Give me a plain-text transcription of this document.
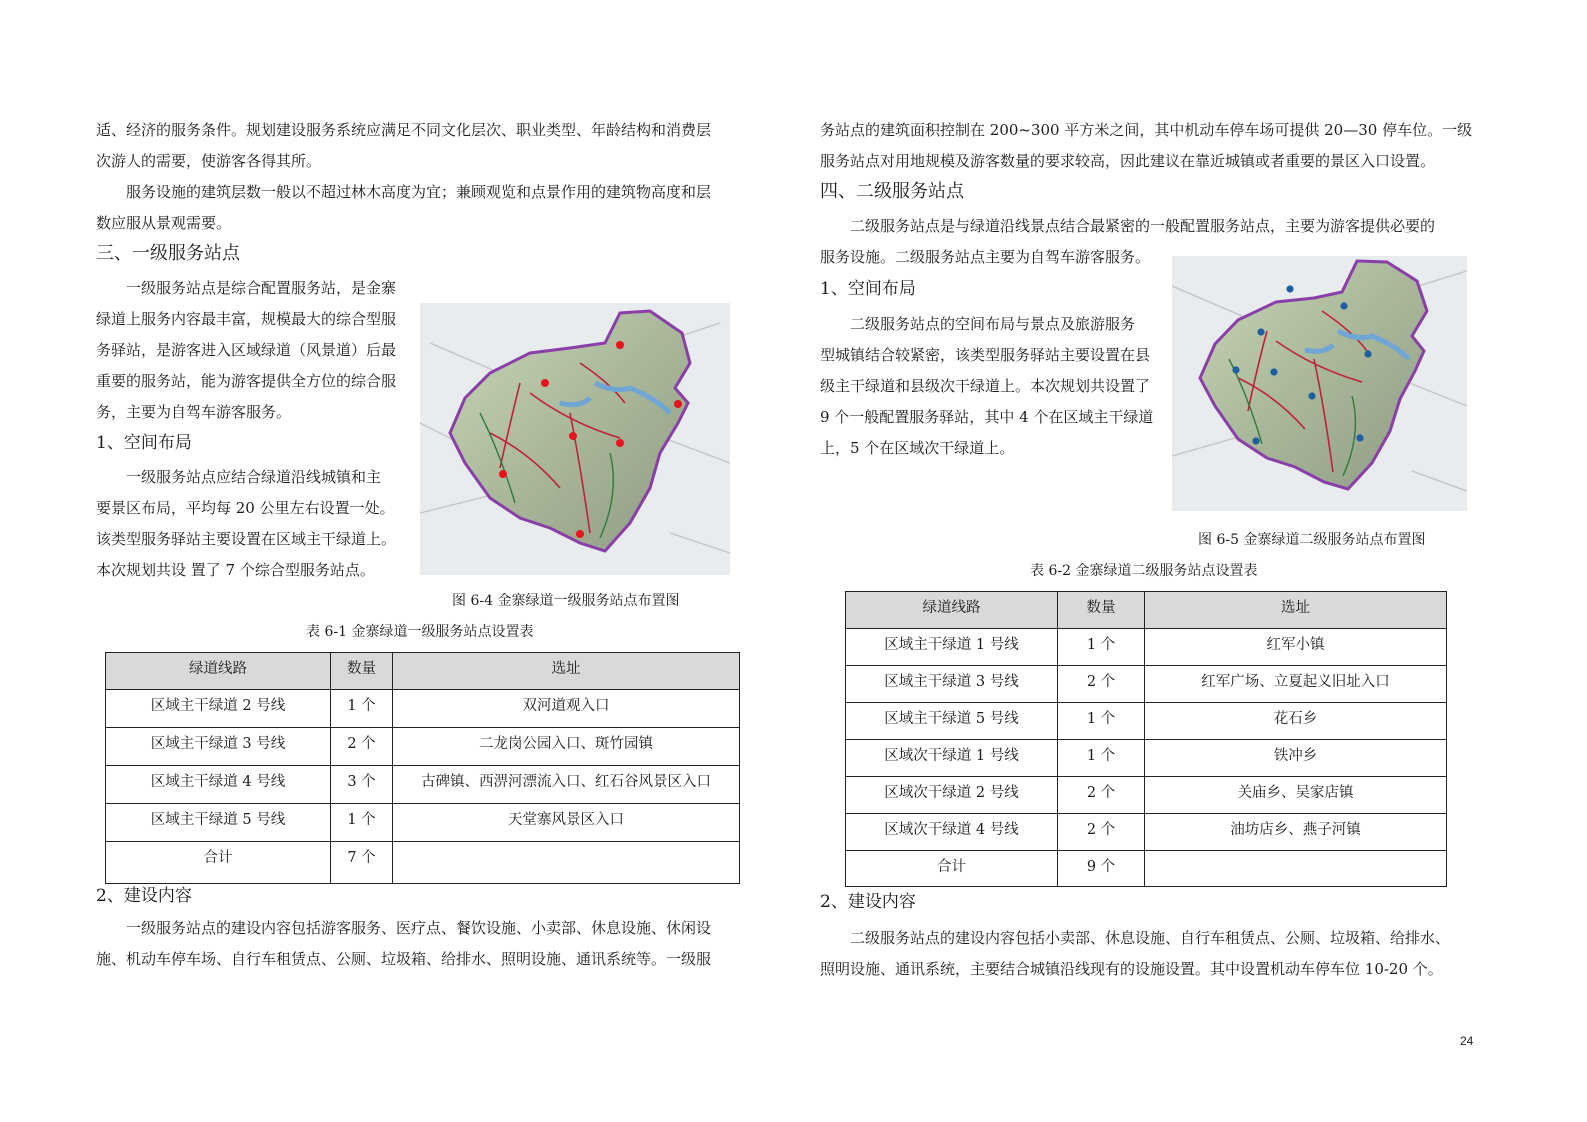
适、经济的服务条件。规划建设服务系统应满足不同文化层次、职业类型、年龄结构和消费层
次游人的需要，使游客各得其所。
服务设施的建筑层数一般以不超过林木高度为宜；兼顾观览和点景作用的建筑物高度和层
数应服从景观需要。
三、一级服务站点
一级服务站点是综合配置服务站，是金寨
绿道上服务内容最丰富，规模最大的综合型服
务驿站，是游客进入区域绿道（风景道）后最
重要的服务站，能为游客提供全方位的综合服
务，主要为自驾车游客服务。
1、空间布局
一级服务站点应结合绿道沿线城镇和主
要景区布局，平均每 20 公里左右设置一处。
该类型服务驿站主要设置在区域主干绿道上。
本次规划共设 置了 7 个综合型服务站点。
图 6-4 金寨绿道一级服务站点布置图
表 6-1 金寨绿道一级服务站点设置表
绿道线路	数量	选址
区域主干绿道 2 号线	1 个	双河道观入口
区域主干绿道 3 号线	2 个	二龙岗公园入口、斑竹园镇
区域主干绿道 4 号线	3 个	古碑镇、西淠河漂流入口、红石谷风景区入口
区域主干绿道 5 号线	1 个	天堂寨风景区入口
合计	7 个	
2、建设内容
一级服务站点的建设内容包括游客服务、医疗点、餐饮设施、小卖部、休息设施、休闲设
施、机动车停车场、自行车租赁点、公厕、垃圾箱、给排水、照明设施、通讯系统等。一级服
务站点的建筑面积控制在 200~300 平方米之间，其中机动车停车场可提供 20—30 停车位。一级
服务站点对用地规模及游客数量的要求较高，因此建议在靠近城镇或者重要的景区入口设置。
四、二级服务站点
二级服务站点是与绿道沿线景点结合最紧密的一般配置服务站点，主要为游客提供必要的
服务设施。二级服务站点主要为自驾车游客服务。
1、空间布局
二级服务站点的空间布局与景点及旅游服务
型城镇结合较紧密，该类型服务驿站主要设置在县
级主干绿道和县级次干绿道上。本次规划共设置了
9 个一般配置服务驿站，其中 4 个在区域主干绿道
上，5 个在区域次干绿道上。
图 6-5 金寨绿道二级服务站点布置图
表 6-2 金寨绿道二级服务站点设置表
绿道线路	数量	选址
区域主干绿道 1 号线	1 个	红军小镇
区域主干绿道 3 号线	2 个	红军广场、立夏起义旧址入口
区域主干绿道 5 号线	1 个	花石乡
区域次干绿道 1 号线	1 个	铁冲乡
区域次干绿道 2 号线	2 个	关庙乡、吴家店镇
区域次干绿道 4 号线	2 个	油坊店乡、燕子河镇
合计	9 个	
2、建设内容
二级服务站点的建设内容包括小卖部、休息设施、自行车租赁点、公厕、垃圾箱、给排水、
照明设施、通讯系统，主要结合城镇沿线现有的设施设置。其中设置机动车停车位 10-20 个。
24
